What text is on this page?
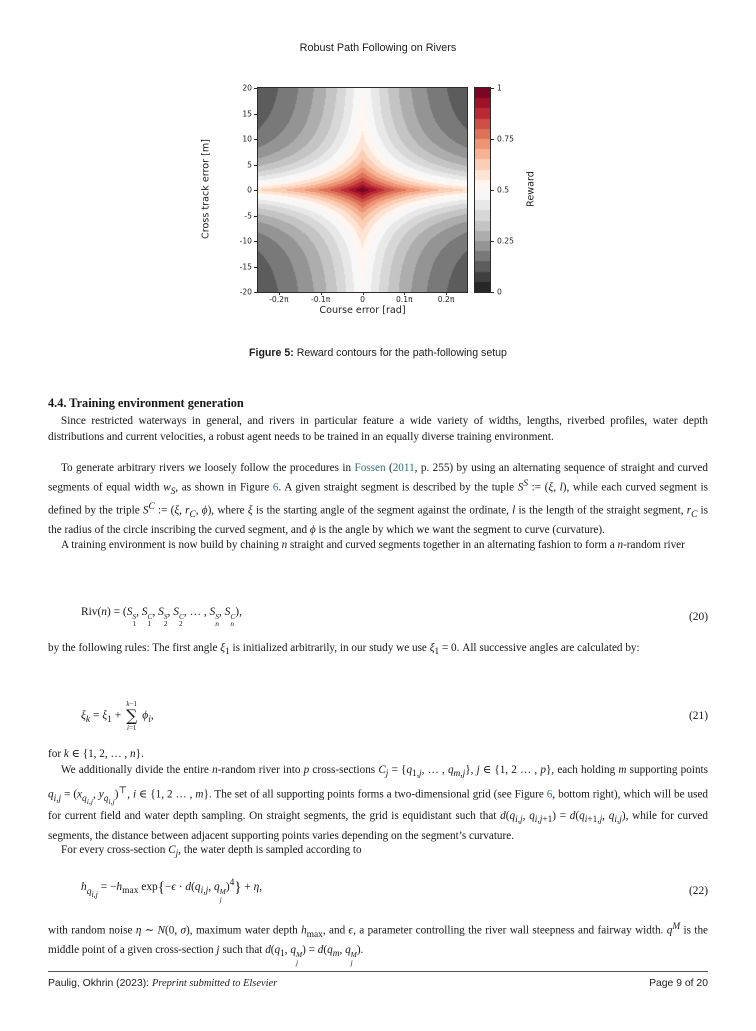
Robust Path Following on Rivers
Cross track error [m]
20
15
10
5
0
-5
-10
-15
-20
-0.2π	-0.1π	0	0.1π	0.2π
Course error [rad]
1
0.75
0.5
0.25
0
Reward
Figure 5: Reward contours for the path-following setup
4.4. Training environment generation
Since restricted waterways in general, and rivers in particular feature a wide variety of widths, lengths, riverbed profiles, water depth distributions and current velocities, a robust agent needs to be trained in an equally diverse training environment.
To generate arbitrary rivers we loosely follow the procedures in Fossen (2011, p. 255) by using an alternating sequence of straight and curved segments of equal width $w_S$, as shown in Figure 6. A given straight segment is described by the tuple $S^S$ := (ξ, l), while each curved segment is defined by the triple $S^C$ := (ξ, $r_C$, ϕ), where ξ is the starting angle of the segment against the ordinate, l is the length of the straight segment, $r_C$ is the radius of the circle inscribing the curved segment, and ϕ is the angle by which we want the segment to curve (curvature).
A training environment is now build by chaining n straight and curved segments together in an alternating fashion to form a n-random river
Riv(n) = (S S
1
, S C
1
, S S
2
, S C
2
, … , S S
n
, S C
n
),	(20)
by the following rules: The first angle $\xi_1$ is initialized arbitrarily, in our study we use $\xi_1 = 0$. All successive angles are calculated by:
$\xi_k = \xi_1$ +
k−1
∑
i=1
$\phi_i$,	(21)
for k ∈ {1, 2, … , n}.
We additionally divide the entire n-random river into p cross-sections $C_j = \{q_{1,j}$, … , $q_{m,j}$}, j ∈ {1, 2 … , p}, each holding m supporting points $q_{i,j} = (x_{q_{i,j}}$, $y_{q_{i,j}})^⊤$, i ∈ {1, 2 … , m}. The set of all supporting points forms a two-dimensional grid (see Figure 6, bottom right), which will be used for current field and water depth sampling. On straight segments, the grid is equidistant such that $d(q_{i,j}$, $q_{i,j+1}) = d(q_{i+1,j}$, $q_{i,j}$), while for curved segments, the distance between adjacent supporting points varies depending on the segment’s curvature.
For every cross-section $C_j$, the water depth is sampled according to
$h_{q_{i,j}} = -h_{max}$ $\exp\{-\epsilon \cdot d(q_{i,j}$, q M
j
)$^4$} + η,	(22)
with random noise η ∼ N(0, σ), maximum water depth $h_{max}$, and ϵ, a parameter controlling the river wall steepness and fairway width. $q^M$ is the middle point of a given cross-section j such that $d(q_1$, q M
j
) = $d(q_m$, q M
j
).
Paulig, Okhrin (2023): Preprint submitted to Elsevier	Page 9 of 20
